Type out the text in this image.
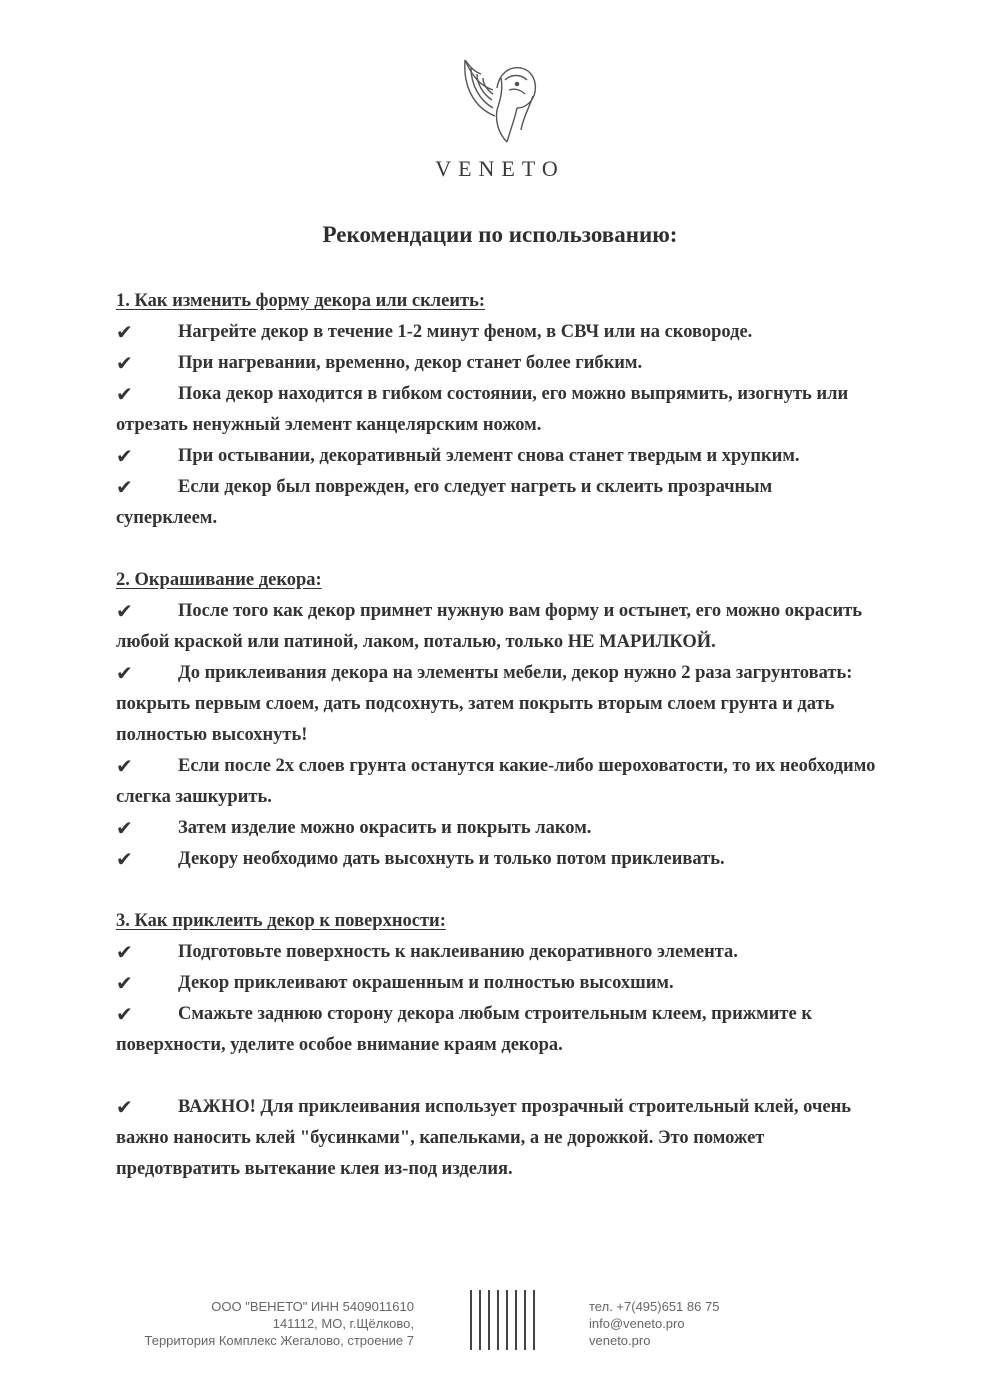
VENETO
Рекомендации по использованию:
1. Как изменить форму декора или склеить:
✔ Нагрейте декор в течение 1-2 минут феном, в СВЧ или на сковороде.
✔ При нагревании, временно, декор станет более гибким.
✔ Пока декор находится в гибком состоянии, его можно выпрямить, изогнуть или отрезать ненужный элемент канцелярским ножом.
✔ При остывании, декоративный элемент снова станет твердым и хрупким.
✔ Если декор был поврежден, его следует нагреть и склеить прозрачным суперклеем.
2. Окрашивание декора:
✔ После того как декор примнет нужную вам форму и остынет, его можно окрасить любой краской или патиной, лаком, поталью, только НЕ МАРИЛКОЙ.
✔ До приклеивания декора на элементы мебели, декор нужно 2 раза загрунтовать: покрыть первым слоем, дать подсохнуть, затем покрыть вторым слоем грунта и дать полностью высохнуть!
✔ Если после 2х слоев грунта останутся какие-либо шероховатости, то их необходимо слегка зашкурить.
✔ Затем изделие можно окрасить и покрыть лаком.
✔ Декору необходимо дать высохнуть и только потом приклеивать.
3. Как приклеить декор к поверхности:
✔ Подготовьте поверхность к наклеиванию декоративного элемента.
✔ Декор приклеивают окрашенным и полностью высохшим.
✔ Смажьте заднюю сторону декора любым строительным клеем, прижмите к поверхности, уделите особое внимание краям декора.
✔ ВАЖНО! Для приклеивания использует прозрачный строительный клей, очень важно наносить клей "бусинками", капельками, а не дорожкой. Это поможет предотвратить вытекание клея из-под изделия.
ООО "ВЕНЕТО" ИНН 5409011610
141112, МО, г.Щёлково,
Территория Комплекс Жегалово, строение 7
тел. +7(495)651 86 75
info@veneto.pro
veneto.pro
